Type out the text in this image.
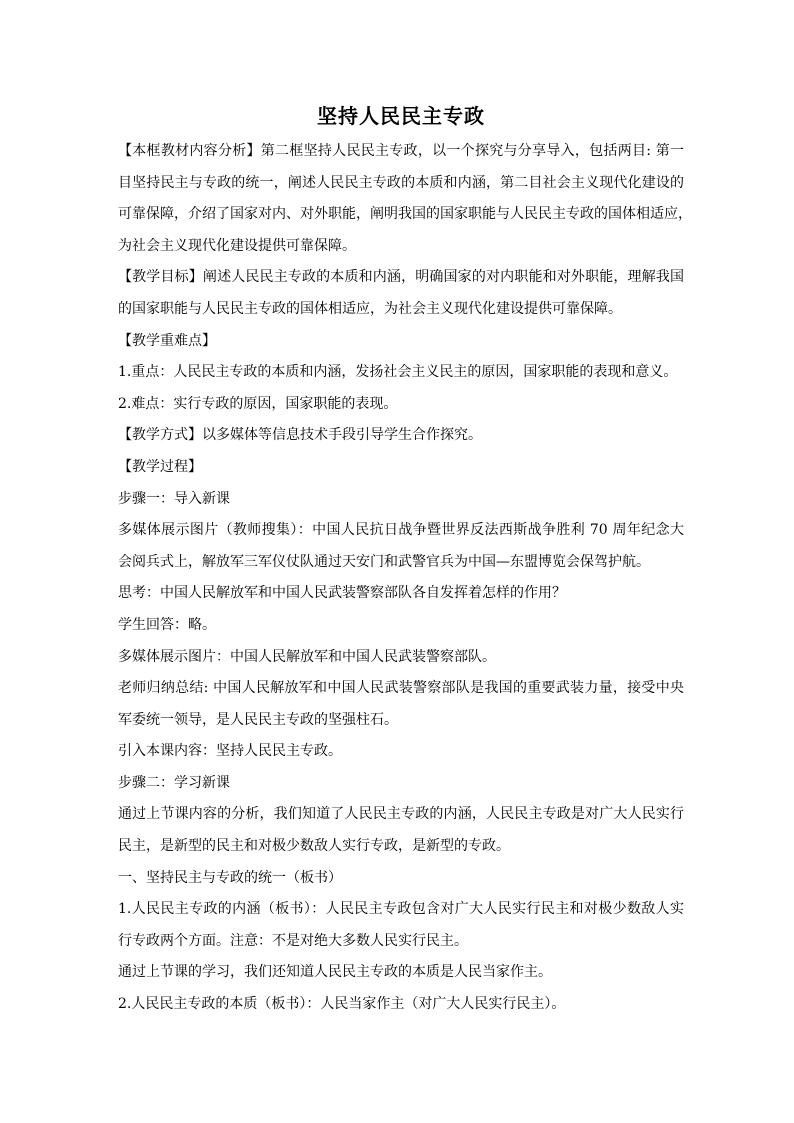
坚持人民民主专政

【本框教材内容分析】第二框坚持人民民主专政，以一个探究与分享导入，包括两目: 第一

目坚持民主与专政的统一，阐述人民民主专政的本质和内涵，第二目社会主义现代化建设的

可靠保障，介绍了国家对内、对外职能，阐明我国的国家职能与人民民主专政的国体相适应，

为社会主义现代化建设提供可靠保障。

【教学目标】阐述人民民主专政的本质和内涵，明确国家的对内职能和对外职能，理解我国

的国家职能与人民民主专政的国体相适应，为社会主义现代化建设提供可靠保障。

【教学重难点】

1.重点：人民民主专政的本质和内涵，发扬社会主义民主的原因，国家职能的表现和意义。

2.难点：实行专政的原因，国家职能的表现。

【教学方式】以多媒体等信息技术手段引导学生合作探究。

【教学过程】

步骤一：导入新课

多媒体展示图片（教师搜集）：中国人民抗日战争暨世界反法西斯战争胜利 70 周年纪念大

会阅兵式上，解放军三军仪仗队通过天安门和武警官兵为中国—东盟博览会保驾护航。

思考：中国人民解放军和中国人民武装警察部队各自发挥着怎样的作用？

学生回答：略。

多媒体展示图片：中国人民解放军和中国人民武装警察部队。

老师归纳总结: 中国人民解放军和中国人民武装警察部队是我国的重要武装力量，接受中央

军委统一领导，是人民民主专政的坚强柱石。

引入本课内容：坚持人民民主专政。

步骤二：学习新课

通过上节课内容的分析，我们知道了人民民主专政的内涵，人民民主专政是对广大人民实行

民主，是新型的民主和对极少数敌人实行专政，是新型的专政。

一、坚持民主与专政的统一（板书）

1.人民民主专政的内涵（板书）：人民民主专政包含对广大人民实行民主和对极少数敌人实

行专政两个方面。注意：不是对绝大多数人民实行民主。

通过上节课的学习，我们还知道人民民主专政的本质是人民当家作主。

2.人民民主专政的本质（板书）：人民当家作主（对广大人民实行民主）。
